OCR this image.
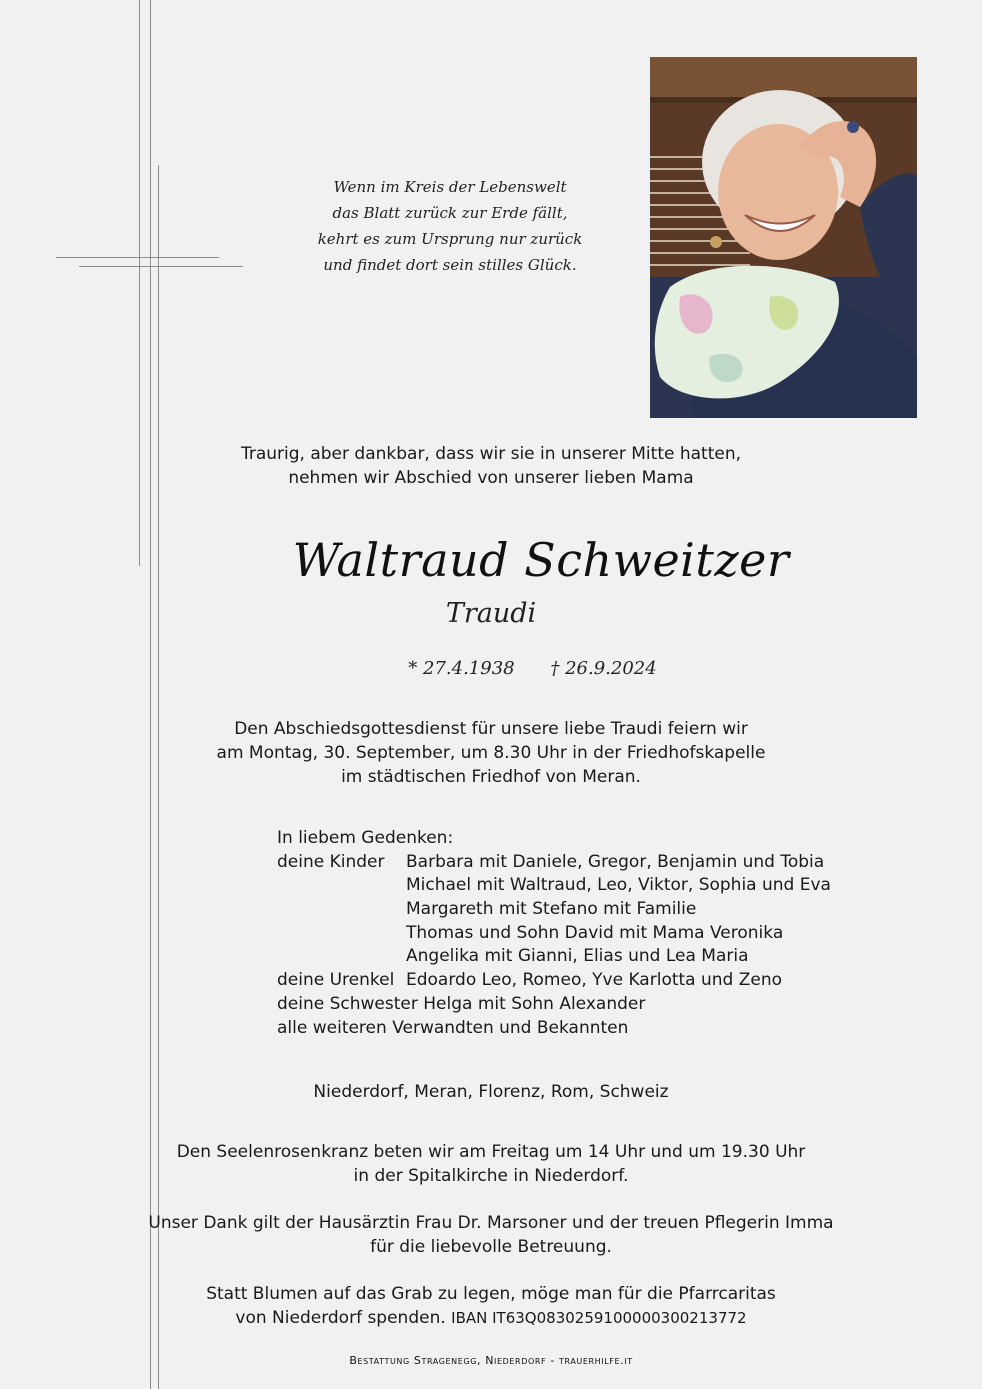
Wenn im Kreis der Lebenswelt
das Blatt zurück zur Erde fällt,
kehrt es zum Ursprung nur zurück
und findet dort sein stilles Glück.
Traurig, aber dankbar, dass wir sie in unserer Mitte hatten,
nehmen wir Abschied von unserer lieben Mama
Waltraud Schweitzer
Traudi
* 27.4.1938 † 26.9.2024
Den Abschiedsgottesdienst für unsere liebe Traudi feiern wir
am Montag, 30. September, um 8.30 Uhr in der Friedhofskapelle
im städtischen Friedhof von Meran.
In liebem Gedenken:
deine Kinder	Barbara mit Daniele, Gregor, Benjamin und Tobia
Michael mit Waltraud, Leo, Viktor, Sophia und Eva
Margareth mit Stefano mit Familie
Thomas und Sohn David mit Mama Veronika
Angelika mit Gianni, Elias und Lea Maria
deine Urenkel Edoardo Leo, Romeo, Yve Karlotta und Zeno
deine Schwester Helga mit Sohn Alexander
alle weiteren Verwandten und Bekannten
Niederdorf, Meran, Florenz, Rom, Schweiz
Den Seelenrosenkranz beten wir am Freitag um 14 Uhr und um 19.30 Uhr
in der Spitalkirche in Niederdorf.
Unser Dank gilt der Hausärztin Frau Dr. Marsoner und der treuen Pflegerin Imma
für die liebevolle Betreuung.
Statt Blumen auf das Grab zu legen, möge man für die Pfarrcaritas
von Niederdorf spenden. IBAN IT63Q0830259100000300213772
Bestattung Stragenegg, Niederdorf - trauerhilfe.it
